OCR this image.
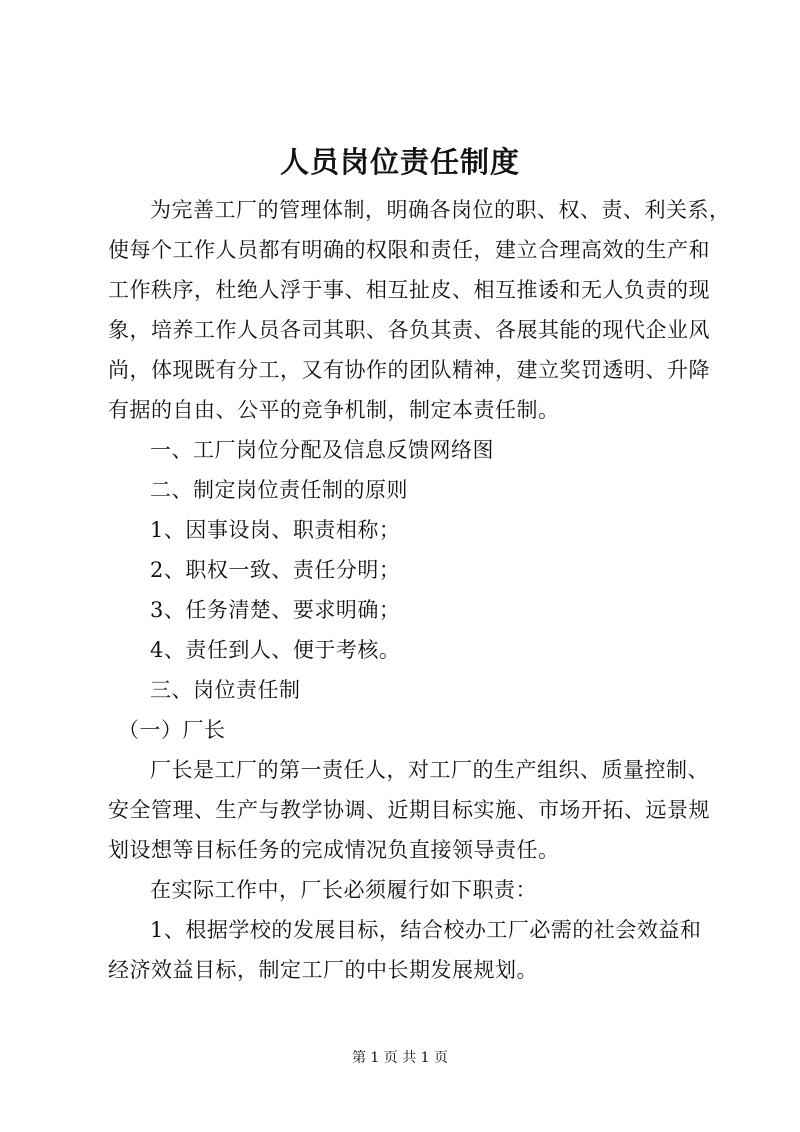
人员岗位责任制度

为完善工厂的管理体制，明确各岗位的职、权、责、利关系，
使每个工作人员都有明确的权限和责任，建立合理高效的生产和
工作秩序，杜绝人浮于事、相互扯皮、相互推诿和无人负责的现
象，培养工作人员各司其职、各负其责、各展其能的现代企业风
尚，体现既有分工，又有协作的团队精神，建立奖罚透明、升降
有据的自由、公平的竞争机制，制定本责任制。

一、工厂岗位分配及信息反馈网络图

二、制定岗位责任制的原则

1、因事设岗、职责相称；

2、职权一致、责任分明；

3、任务清楚、要求明确；

4、责任到人、便于考核。

三、岗位责任制

（一）厂长

厂长是工厂的第一责任人，对工厂的生产组织、质量控制、
安全管理、生产与教学协调、近期目标实施、市场开拓、远景规
划设想等目标任务的完成情况负直接领导责任。

在实际工作中，厂长必须履行如下职责：

1、根据学校的发展目标，结合校办工厂必需的社会效益和
经济效益目标，制定工厂的中长期发展规划。

第 1 页 共 1 页
